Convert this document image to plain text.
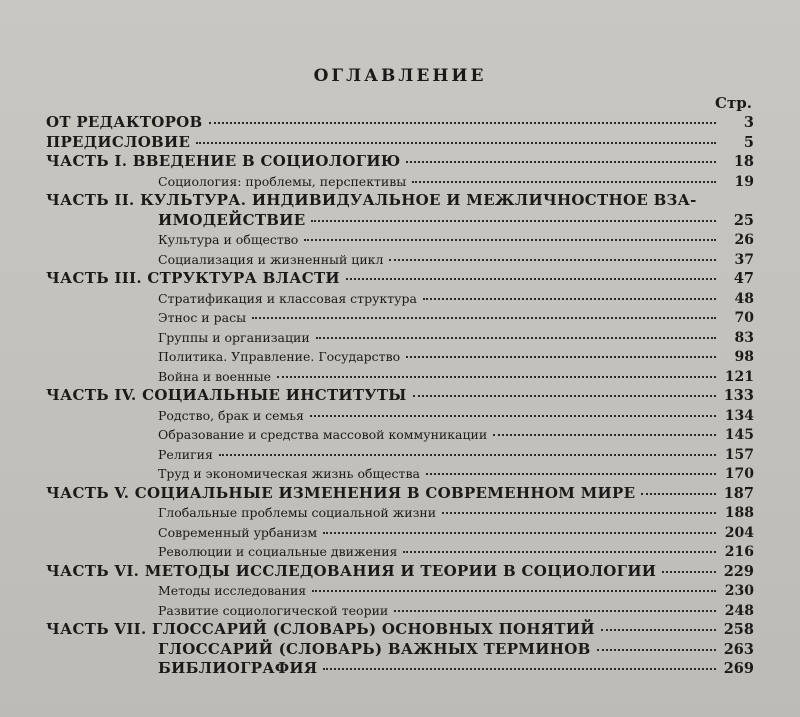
ОГЛАВЛЕНИЕ
Стр.
ОТ РЕДАКТОРОВ	3
ПРЕДИСЛОВИЕ	5
ЧАСТЬ I. ВВЕДЕНИЕ В СОЦИОЛОГИЮ	18
Социология: проблемы, перспективы	19
ЧАСТЬ II. КУЛЬТУРА. ИНДИВИДУАЛЬНОЕ И МЕЖЛИЧНОСТНОЕ ВЗА-
ИМОДЕЙСТВИЕ	25
Культура и общество	26
Социализация и жизненный цикл	37
ЧАСТЬ III. СТРУКТУРА ВЛАСТИ	47
Стратификация и классовая структура	48
Этнос и расы	70
Группы и организации	83
Политика. Управление. Государство	98
Война и военные	121
ЧАСТЬ IV. СОЦИАЛЬНЫЕ ИНСТИТУТЫ	133
Родство, брак и семья	134
Образование и средства массовой коммуникации	145
Религия	157
Труд и экономическая жизнь общества	170
ЧАСТЬ V. СОЦИАЛЬНЫЕ ИЗМЕНЕНИЯ В СОВРЕМЕННОМ МИРЕ	187
Глобальные проблемы социальной жизни	188
Современный урбанизм	204
Революции и социальные движения	216
ЧАСТЬ VI. МЕТОДЫ ИССЛЕДОВАНИЯ И ТЕОРИИ В СОЦИОЛОГИИ	229
Методы исследования	230
Развитие социологической теории	248
ЧАСТЬ VII. ГЛОССАРИЙ (СЛОВАРЬ) ОСНОВНЫХ ПОНЯТИЙ	258
ГЛОССАРИЙ (СЛОВАРЬ) ВАЖНЫХ ТЕРМИНОВ	263
БИБЛИОГРАФИЯ	269
